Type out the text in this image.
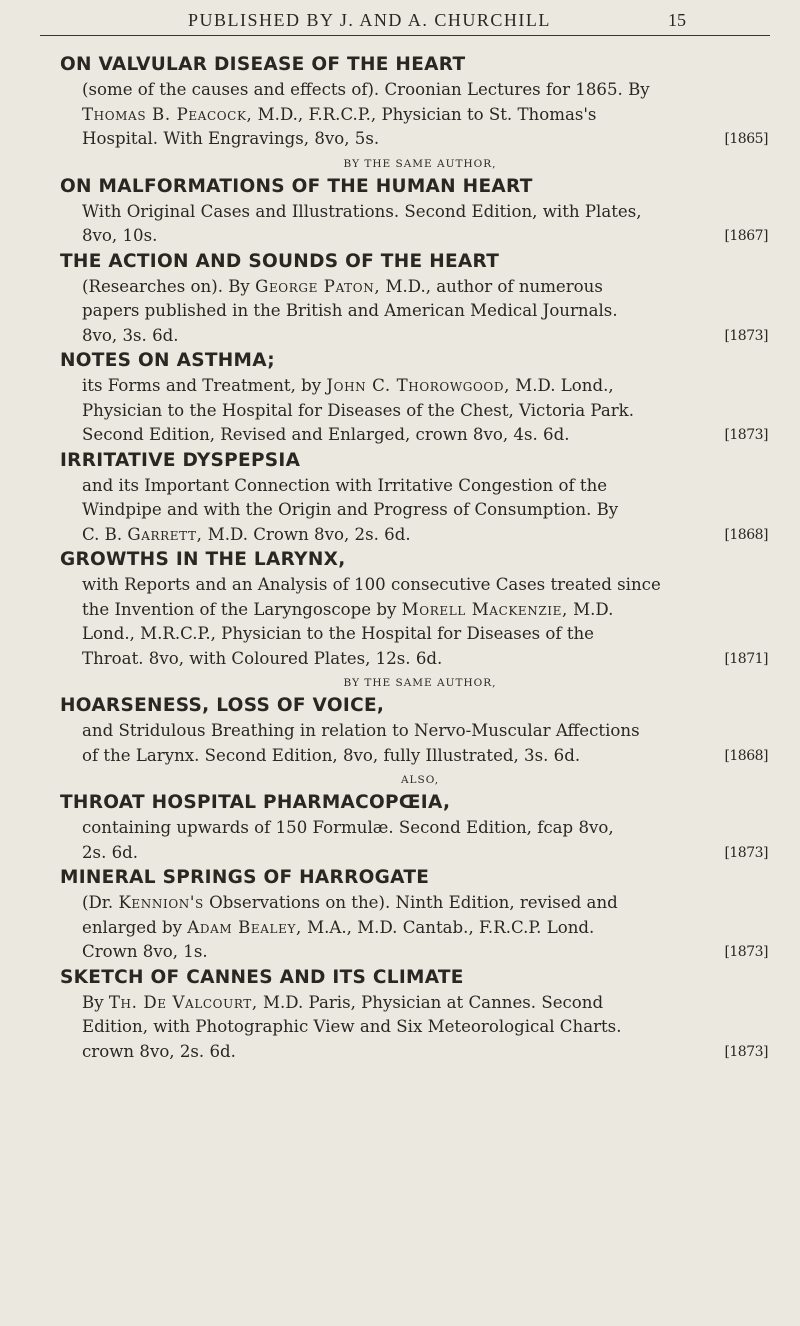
PUBLISHED BY J. AND A. CHURCHILL	15
ON VALVULAR DISEASE OF THE HEART
(some of the causes and effects of). Croonian Lectures for 1865. By
Thomas B. Peacock, M.D., F.R.C.P., Physician to St. Thomas's
Hospital. With Engravings, 8vo, 5s.	[1865]
BY THE SAME AUTHOR,
ON MALFORMATIONS OF THE HUMAN HEART
With Original Cases and Illustrations. Second Edition, with Plates,
8vo, 10s.	[1867]
THE ACTION AND SOUNDS OF THE HEART
(Researches on). By George Paton, M.D., author of numerous
papers published in the British and American Medical Journals.
8vo, 3s. 6d.	[1873]
NOTES ON ASTHMA;
its Forms and Treatment, by John C. Thorowgood, M.D. Lond.,
Physician to the Hospital for Diseases of the Chest, Victoria Park.
Second Edition, Revised and Enlarged, crown 8vo, 4s. 6d.	[1873]
IRRITATIVE DYSPEPSIA
and its Important Connection with Irritative Congestion of the
Windpipe and with the Origin and Progress of Consumption. By
C. B. Garrett, M.D. Crown 8vo, 2s. 6d.	[1868]
GROWTHS IN THE LARYNX,
with Reports and an Analysis of 100 consecutive Cases treated since
the Invention of the Laryngoscope by Morell Mackenzie, M.D.
Lond., M.R.C.P., Physician to the Hospital for Diseases of the
Throat. 8vo, with Coloured Plates, 12s. 6d.	[1871]
BY THE SAME AUTHOR,
HOARSENESS, LOSS OF VOICE,
and Stridulous Breathing in relation to Nervo-Muscular Affections
of the Larynx. Second Edition, 8vo, fully Illustrated, 3s. 6d.	[1868]
ALSO,
THROAT HOSPITAL PHARMACOPŒIA,
containing upwards of 150 Formulæ. Second Edition, fcap 8vo,
2s. 6d.	[1873]
MINERAL SPRINGS OF HARROGATE
(Dr. Kennion's Observations on the). Ninth Edition, revised and
enlarged by Adam Bealey, M.A., M.D. Cantab., F.R.C.P. Lond.
Crown 8vo, 1s.	[1873]
SKETCH OF CANNES AND ITS CLIMATE
By Th. De Valcourt, M.D. Paris, Physician at Cannes. Second
Edition, with Photographic View and Six Meteorological Charts.
crown 8vo, 2s. 6d.	[1873]
